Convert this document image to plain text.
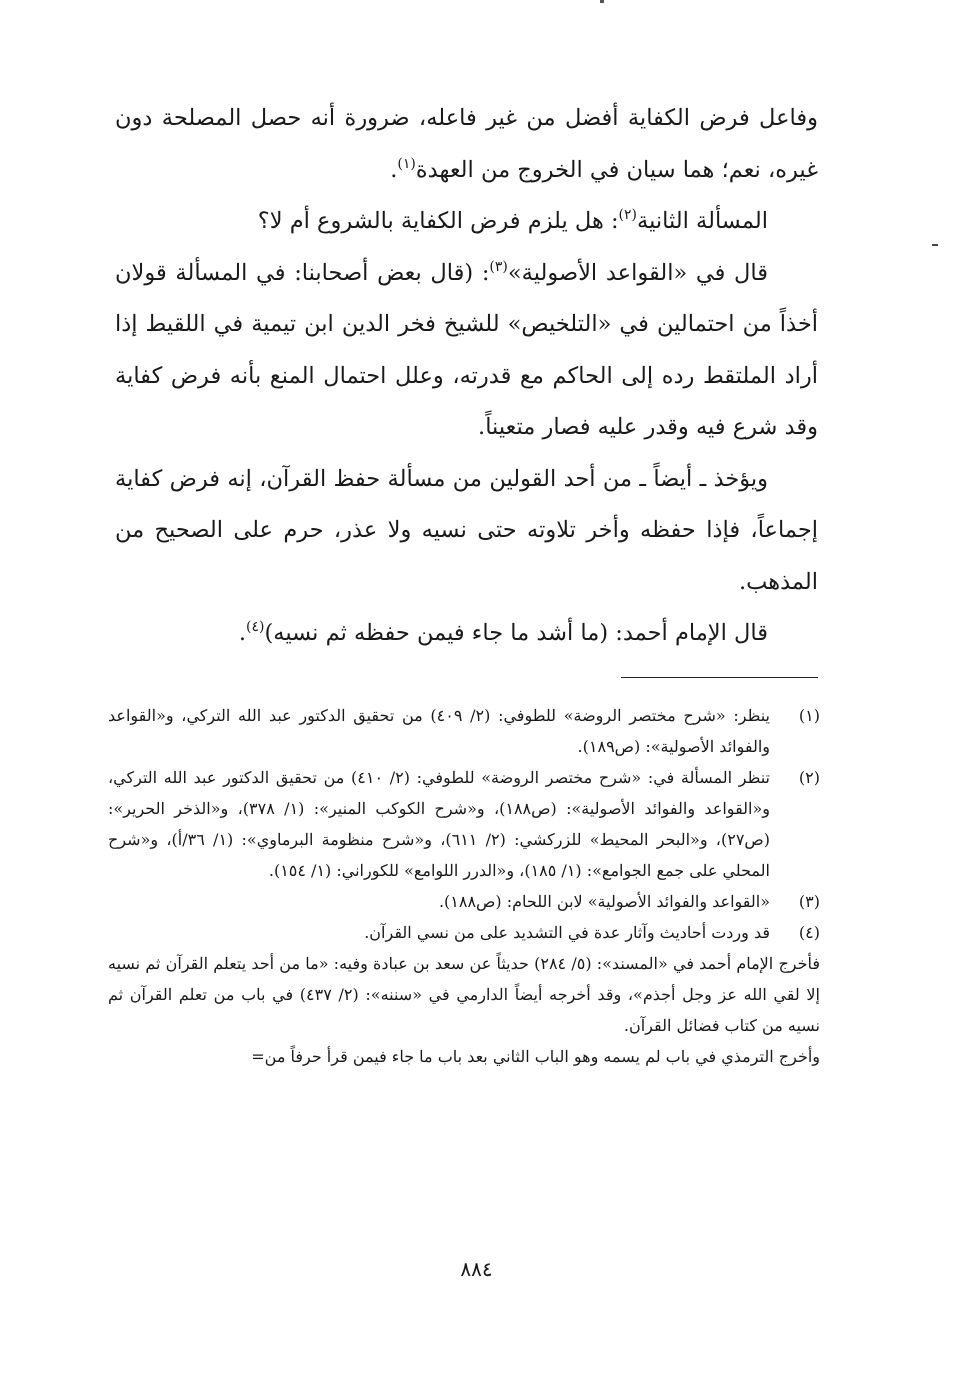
وفاعل فرض الكفاية أفضل من غير فاعله، ضرورة أنه حصل المصلحة دون غيره، نعم؛ هما سيان في الخروج من العهدة$^{(١)}$.

المسألة الثانية$^{(٢)}$: هل يلزم فرض الكفاية بالشروع أم لا؟

قال في «القواعد الأصولية»$^{(٣)}$: (قال بعض أصحابنا: في المسألة قولان أخذاً من احتمالين في «التلخيص» للشيخ فخر الدين ابن تيمية في اللقيط إذا أراد الملتقط رده إلى الحاكم مع قدرته، وعلل احتمال المنع بأنه فرض كفاية وقد شرع فيه وقدر عليه فصار متعيناً.

ويؤخذ ـ أيضاً ـ من أحد القولين من مسألة حفظ القرآن، إنه فرض كفاية إجماعاً، فإذا حفظه وأخر تلاوته حتى نسيه ولا عذر، حرم على الصحيح من المذهب.

قال الإمام أحمد: (ما أشد ما جاء فيمن حفظه ثم نسيه)$^{(٤)}$.

(١)
ينظر: «شرح مختصر الروضة» للطوفي: (٢/ ٤٠٩) من تحقيق الدكتور عبد الله التركي، و«القواعد والفوائد الأصولية»: (ص١٨٩).
(٢)
تنظر المسألة في: «شرح مختصر الروضة» للطوفي: (٢/ ٤١٠) من تحقيق الدكتور عبد الله التركي، و«القواعد والفوائد الأصولية»: (ص١٨٨)، و«شرح الكوكب المنير»: (١/ ٣٧٨)، و«الذخر الحرير»: (ص٢٧)، و«البحر المحيط» للزركشي: (٢/ ٦١١)، و«شرح منظومة البرماوي»: (١/ ٣٦/أ)، و«شرح المحلي على جمع الجوامع»: (١/ ١٨٥)، و«الدرر اللوامع» للكوراني: (١/ ١٥٤).
(٣)
«القواعد والفوائد الأصولية» لابن اللحام: (ص١٨٨).
(٤)
قد وردت أحاديث وآثار عدة في التشديد على من نسي القرآن.

فأخرج الإمام أحمد في «المسند»: (٥/ ٢٨٤) حديثاً عن سعد بن عبادة وفيه: «ما من أحد يتعلم القرآن ثم نسيه إلا لقي الله عز وجل أجذم»، وقد أخرجه أيضاً الدارمي في «سننه»: (٢/ ٤٣٧) في باب من تعلم القرآن ثم نسيه من كتاب فضائل القرآن.

وأخرج الترمذي في باب لم يسمه وهو الباب الثاني بعد باب ما جاء فيمن قرأ حرفاً من=

٨٨٤
